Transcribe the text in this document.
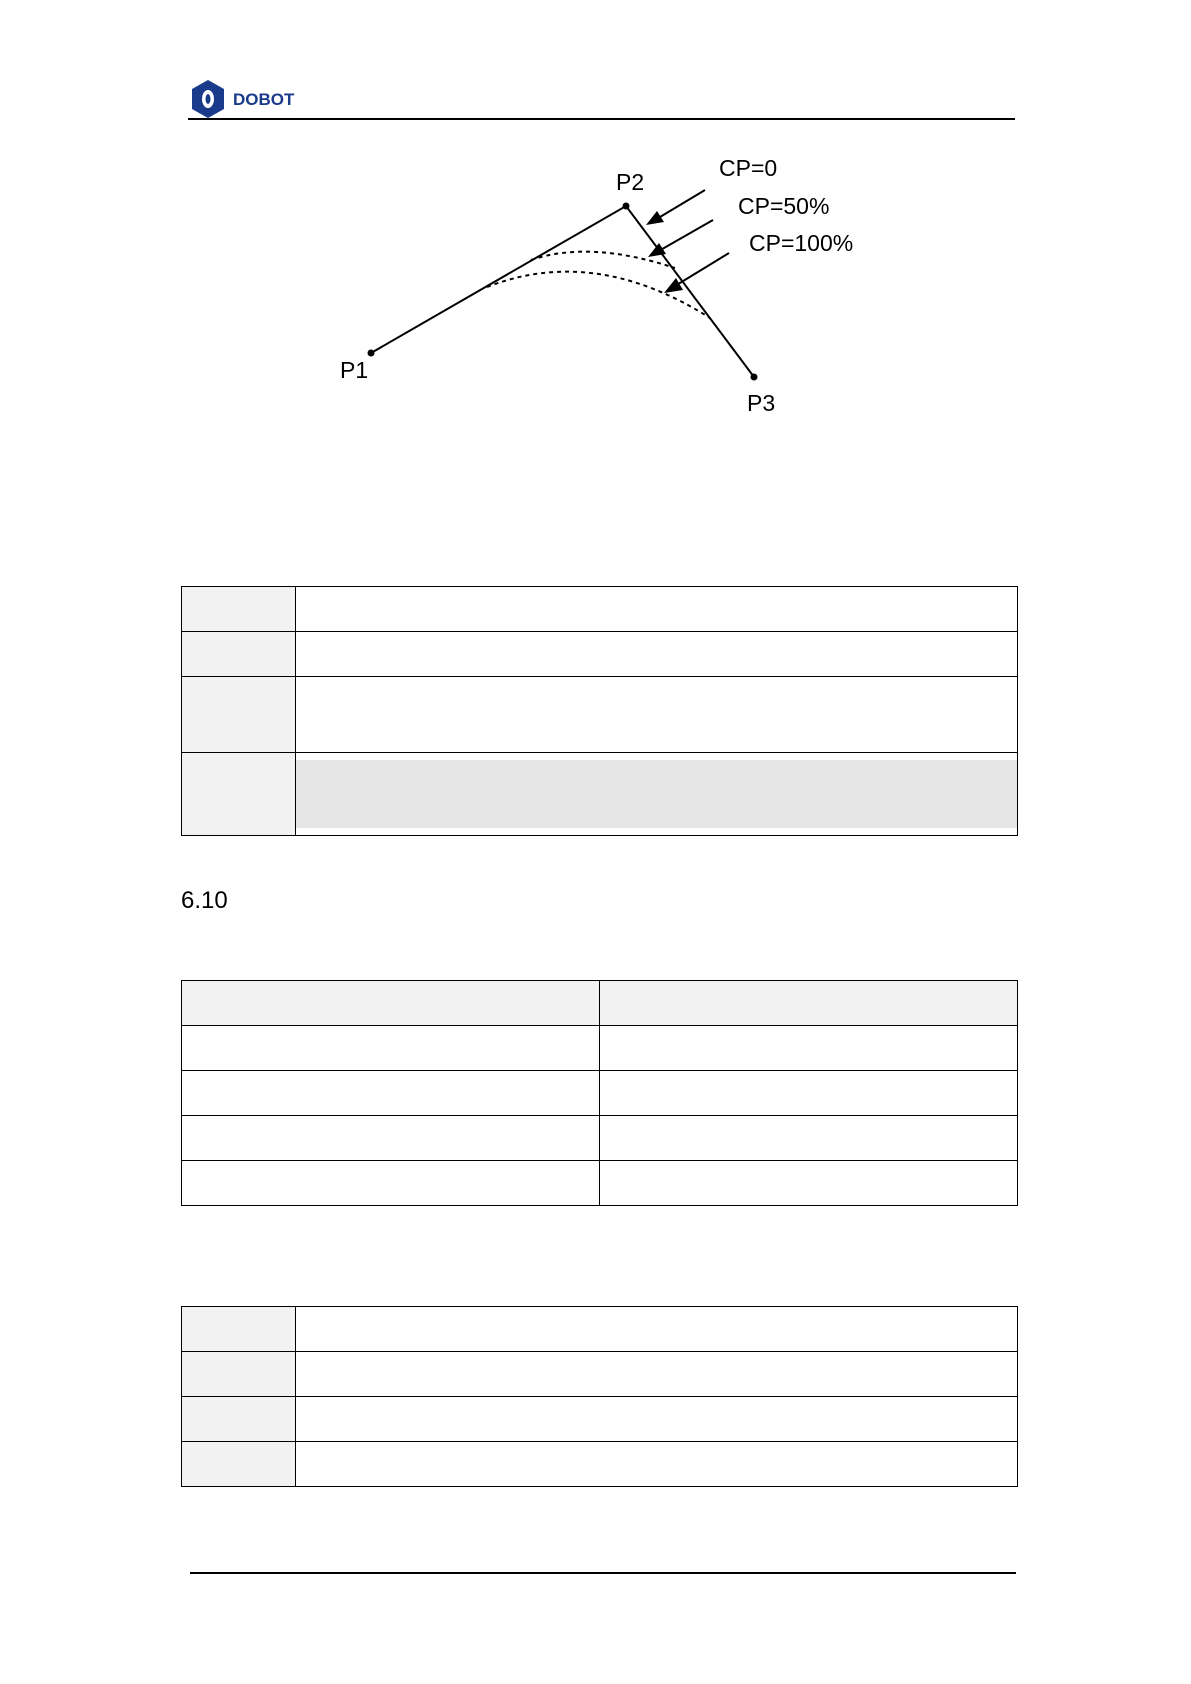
DOBOT
P1
P2
P3
CP=0
CP=50%
CP=100%

6.10
